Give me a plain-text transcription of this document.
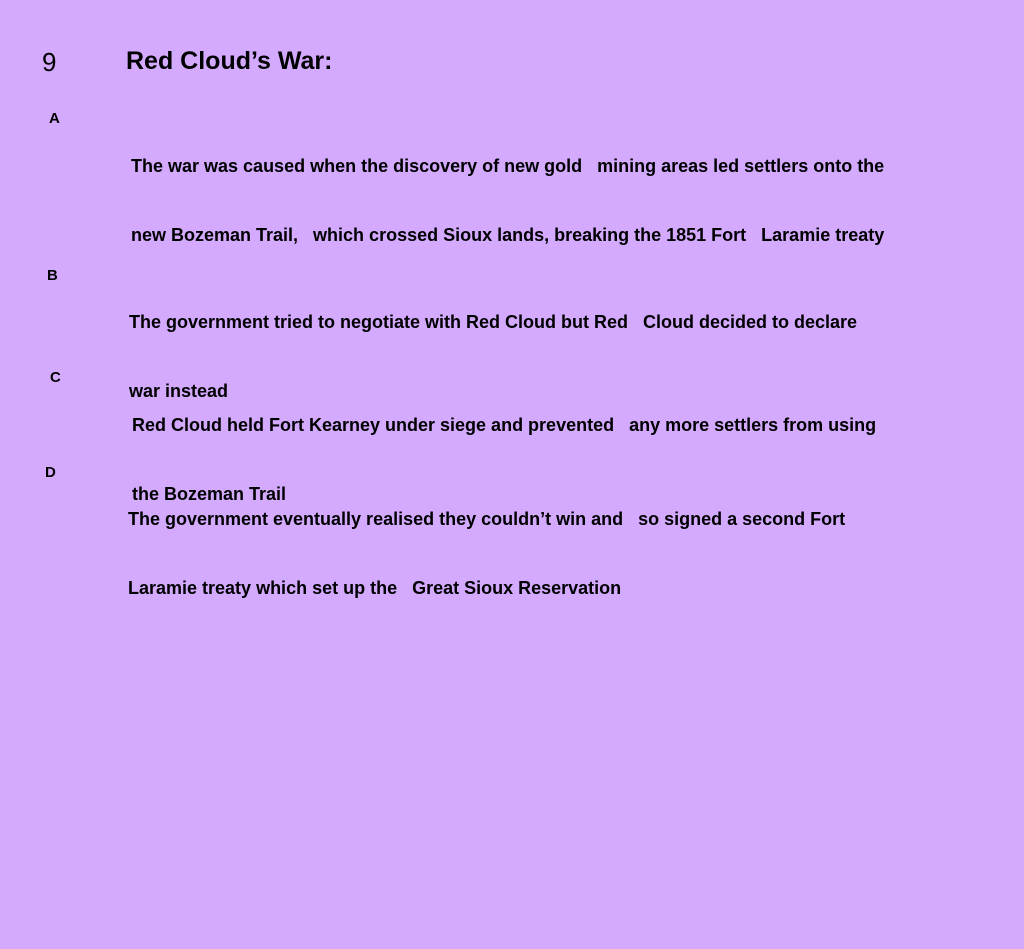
9	Red Cloud’s War:
A

The war was caused when the discovery of new gold   mining areas led settlers onto the

new Bozeman Trail,   which crossed Sioux lands, breaking the 1851 Fort   Laramie treaty

B

The government tried to negotiate with Red Cloud but Red   Cloud decided to declare

war instead

C

Red Cloud held Fort Kearney under siege and prevented   any more settlers from using

the Bozeman Trail

D

The government eventually realised they couldn’t win and   so signed a second Fort

Laramie treaty which set up the   Great Sioux Reservation
